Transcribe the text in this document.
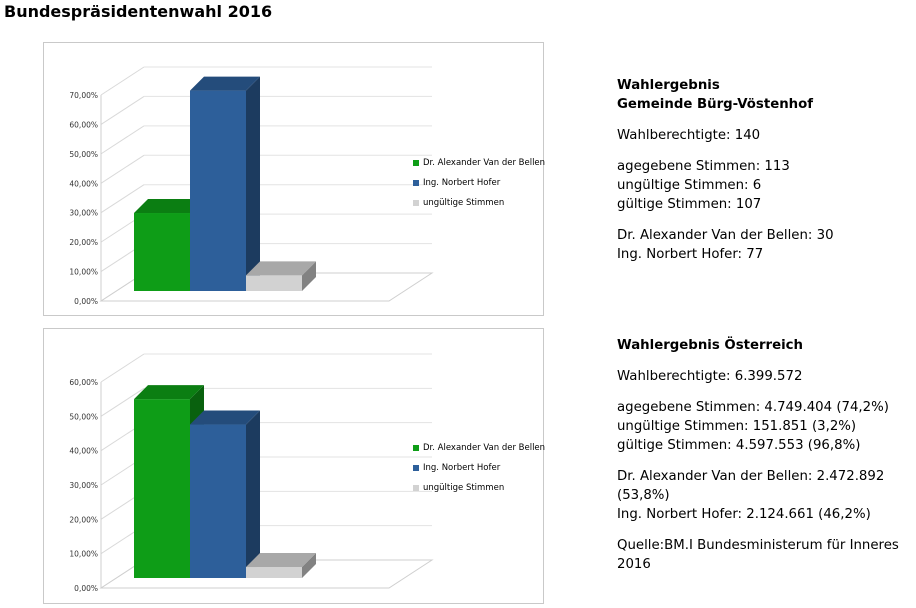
Bundespräsidentenwahl 2016
0,00%
10,00%
20,00%
30,00%
40,00%
50,00%
60,00%
70,00%
Dr. Alexander Van der Bellen
Ing. Norbert Hofer
ungültige Stimmen
0,00%
10,00%
20,00%
30,00%
40,00%
50,00%
60,00%
Dr. Alexander Van der Bellen
Ing. Norbert Hofer
ungültige Stimmen
Wahlergebnis
Gemeinde Bürg-Vöstenhof

Wahlberechtigte: 140

agegebene Stimmen: 113

ungültige Stimmen: 6

gültige Stimmen: 107

Dr. Alexander Van der Bellen: 30

Ing. Norbert Hofer: 77

Wahlergebnis Österreich

Wahlberechtigte: 6.399.572

agegebene Stimmen: 4.749.404 (74,2%)

ungültige Stimmen: 151.851 (3,2%)

gültige Stimmen: 4.597.553 (96,8%)

Dr. Alexander Van der Bellen: 2.472.892
(53,8%)

Ing. Norbert Hofer: 2.124.661 (46,2%)

Quelle:BM.I Bundesministerum für Inneres
2016
